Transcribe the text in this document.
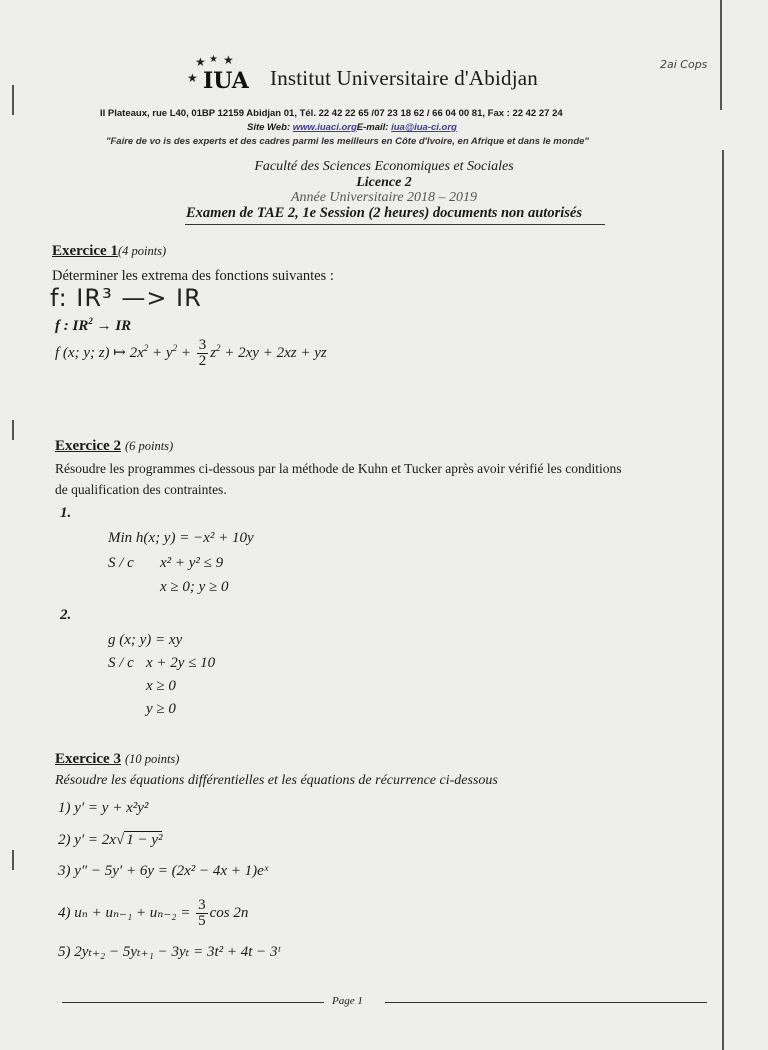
★ ★ ★
★ IUA Institut Universitaire d'Abidjan
2ai Cops
II Plateaux, rue L40, 01BP 12159 Abidjan 01, Tél. 22 42 22 65 /07 23 18 62 / 66 04 00 81, Fax : 22 42 27 24
Site Web: www.iuaci.orgE-mail: iua@iua-ci.org
"Faire de vo is des experts et des cadres parmi les meilleurs en Côte d'Ivoire, en Afrique et dans le monde"
Faculté des Sciences Economiques et Sociales
Licence 2
Année Universitaire 2018 – 2019
Examen de TAE 2, 1e Session (2 heures) documents non autorisés
Exercice 1(4 points)
Déterminer les extrema des fonctions suivantes :
f: IR³ —> IR
f : $IR^2$ → IR
f (x; y; z) ↦ $2x^2 + y^2 + \frac{3}{2} z^2 + 2xy + 2xz$ + yz
Exercice 2 (6 points)
Résoudre les programmes ci-dessous par la méthode de Kuhn et Tucker après avoir vérifié les conditions
de qualification des contraintes.
1.
Min h(x; y) = −x² + 10y
S / c x² + y² ≤ 9
x ≥ 0; y ≥ 0
2.
g (x; y) = xy
S / c x + 2y ≤ 10
x ≥ 0
y ≥ 0
Exercice 3 (10 points)
Résoudre les équations différentielles et les équations de récurrence ci-dessous
1) y′ = y + x²y²
2) y′ = 2x√ 1 − y²
3) y″ − 5y′ + 6y = (2x² − 4x + 1)eˣ
4) $u_n + u_{n-1} + u_{n-2} = \frac{3}{5}$ cos 2n
5) 2yₜ₊₂ − 5yₜ₊₁ − 3yₜ = 3t² + 4t − 3ᵗ
Page 1
